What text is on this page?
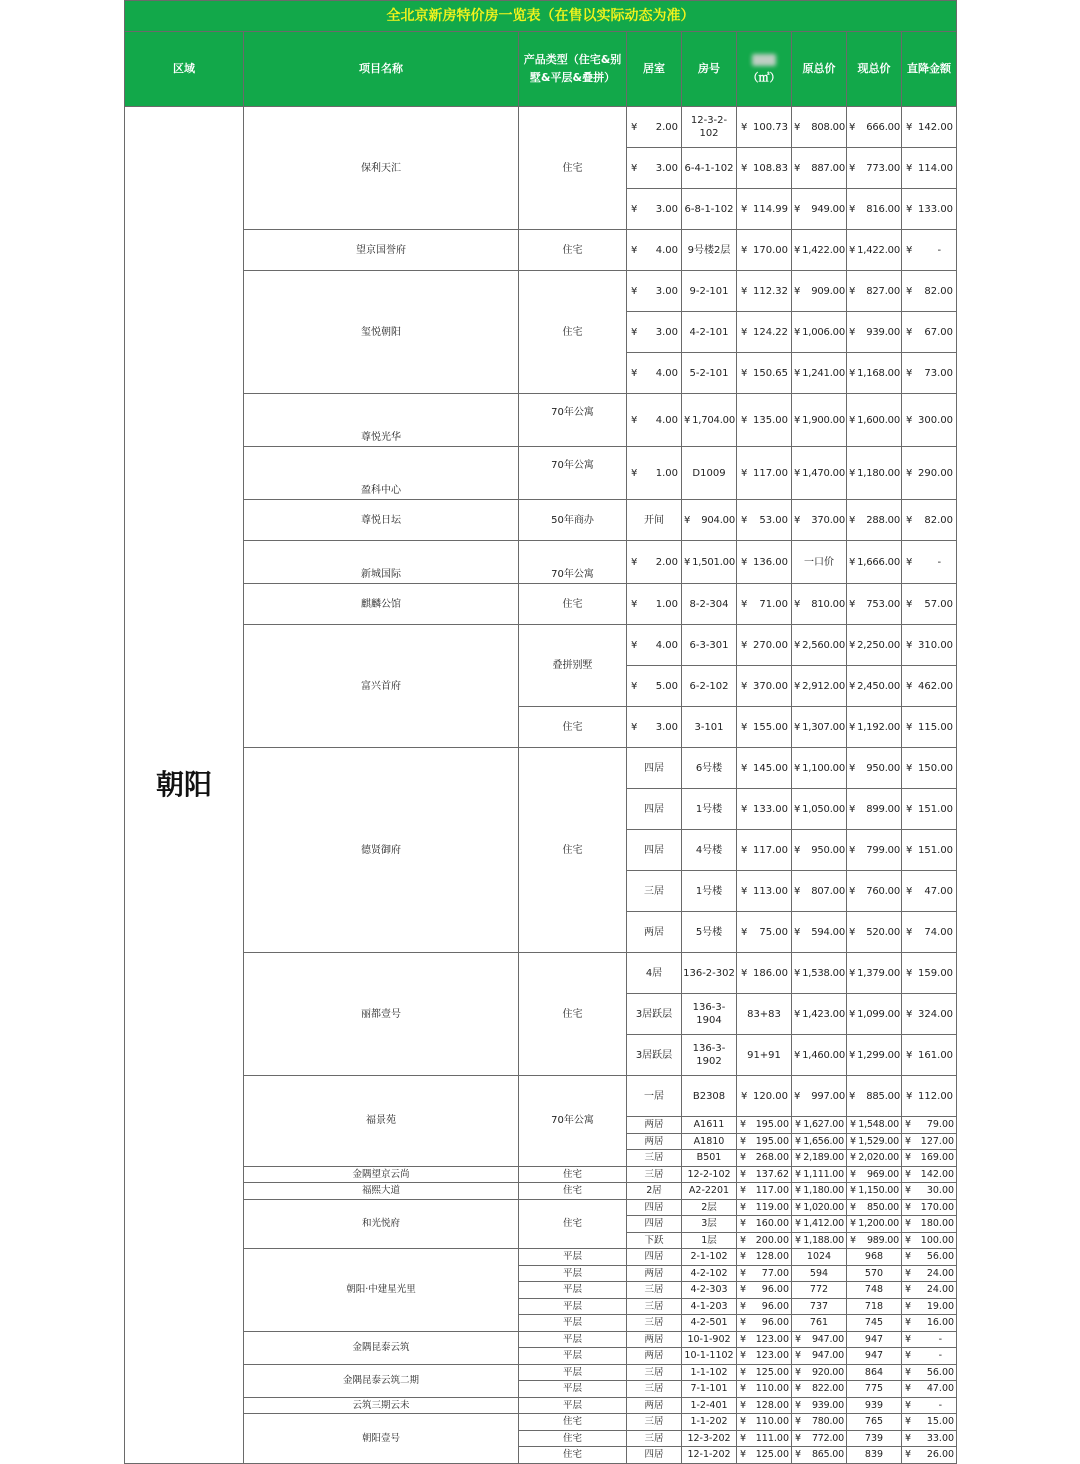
全北京新房特价房一览表（在售以实际动态为准）								
区域	项目名称	产品类型（住宅&别墅&平层&叠拼）	居室	房号	（㎡）	原总价	现总价	直降金额
朝阳	保利天汇	住宅	¥ 2.00	12-3-2-102	¥ 100.73	¥ 808.00	¥ 666.00	¥ 142.00

			¥ 3.00	6-4-1-102	¥ 108.83	¥ 887.00	¥ 773.00	¥ 114.00

			¥ 3.00	6-8-1-102	¥ 114.99	¥ 949.00	¥ 816.00	¥ 133.00

	望京国誉府	住宅	¥ 4.00	9号楼2层	¥ 170.00	¥ 1,422.00	¥ 1,422.00	¥ -

	玺悦朝阳	住宅	¥ 3.00	9-2-101	¥ 112.32	¥ 909.00	¥ 827.00	¥ 82.00

			¥ 3.00	4-2-101	¥ 124.22	¥ 1,006.00	¥ 939.00	¥ 67.00

			¥ 4.00	5-2-101	¥ 150.65	¥ 1,241.00	¥ 1,168.00	¥ 73.00

	尊悦光华	70年公寓	¥ 4.00	¥ 1,704.00	¥ 135.00	¥ 1,900.00	¥ 1,600.00	¥ 300.00

	盈科中心	70年公寓	¥ 1.00	D1009	¥ 117.00	¥ 1,470.00	¥ 1,180.00	¥ 290.00

	尊悦日坛	50年商办	开间	¥ 904.00	¥ 53.00	¥ 370.00	¥ 288.00	¥ 82.00

	新城国际	70年公寓	¥ 2.00	¥ 1,501.00	¥ 136.00	一口价	¥ 1,666.00	¥ -

	麒麟公馆	住宅	¥ 1.00	8-2-304	¥ 71.00	¥ 810.00	¥ 753.00	¥ 57.00

	富兴首府	叠拼别墅	¥ 4.00	6-3-301	¥ 270.00	¥ 2,560.00	¥ 2,250.00	¥ 310.00

			¥ 5.00	6-2-102	¥ 370.00	¥ 2,912.00	¥ 2,450.00	¥ 462.00

		住宅	¥ 3.00	3-101	¥ 155.00	¥ 1,307.00	¥ 1,192.00	¥ 115.00

	德贤御府	住宅	四居	6号楼	¥ 145.00	¥ 1,100.00	¥ 950.00	¥ 150.00

			四居	1号楼	¥ 133.00	¥ 1,050.00	¥ 899.00	¥ 151.00

			四居	4号楼	¥ 117.00	¥ 950.00	¥ 799.00	¥ 151.00

			三居	1号楼	¥ 113.00	¥ 807.00	¥ 760.00	¥ 47.00

			两居	5号楼	¥ 75.00	¥ 594.00	¥ 520.00	¥ 74.00

	丽都壹号	住宅	4居	136-2-302	¥ 186.00	¥ 1,538.00	¥ 1,379.00	¥ 159.00

			3居跃层	136-3-1904	83+83	¥ 1,423.00	¥ 1,099.00	¥ 324.00

			3居跃层	136-3-1902	91+91	¥ 1,460.00	¥ 1,299.00	¥ 161.00

	福景苑	70年公寓	一居	B2308	¥ 120.00	¥ 997.00	¥ 885.00	¥ 112.00

			两居	A1611	¥ 195.00	¥ 1,627.00	¥ 1,548.00	¥ 79.00

			两居	A1810	¥ 195.00	¥ 1,656.00	¥ 1,529.00	¥ 127.00

			三居	B501	¥ 268.00	¥ 2,189.00	¥ 2,020.00	¥ 169.00

	金隅望京云尚	住宅	三居	12-2-102	¥ 137.62	¥ 1,111.00	¥ 969.00	¥ 142.00

	福熙大道	住宅	2居	A2-2201	¥ 117.00	¥ 1,180.00	¥ 1,150.00	¥ 30.00

	和光悦府	住宅	四居	2层	¥ 119.00	¥ 1,020.00	¥ 850.00	¥ 170.00

			四居	3层	¥ 160.00	¥ 1,412.00	¥ 1,200.00	¥ 180.00

			下跃	1层	¥ 200.00	¥ 1,188.00	¥ 989.00	¥ 100.00

	朝阳·中建星光里	平层	四居	2-1-102	¥ 128.00	1024	968	¥ 56.00

		平层	两居	4-2-102	¥ 77.00	594	570	¥ 24.00

		平层	三居	4-2-303	¥ 96.00	772	748	¥ 24.00

		平层	三居	4-1-203	¥ 96.00	737	718	¥ 19.00

		平层	三居	4-2-501	¥ 96.00	761	745	¥ 16.00

	金隅昆泰云筑	平层	两居	10-1-902	¥ 123.00	¥ 947.00	947	¥ -

		平层	两居	10-1-1102	¥ 123.00	¥ 947.00	947	¥ -

	金隅昆泰云筑二期	平层	三居	1-1-102	¥ 125.00	¥ 920.00	864	¥ 56.00

		平层	三居	7-1-101	¥ 110.00	¥ 822.00	775	¥ 47.00

	云筑三期云未	平层	两居	1-2-401	¥ 128.00	¥ 939.00	939	¥ -

	朝阳壹号	住宅	三居	1-1-202	¥ 110.00	¥ 780.00	765	¥ 15.00

		住宅	三居	12-3-202	¥ 111.00	¥ 772.00	739	¥ 33.00

		住宅	四居	12-1-202	¥ 125.00	¥ 865.00	839	¥ 26.00
